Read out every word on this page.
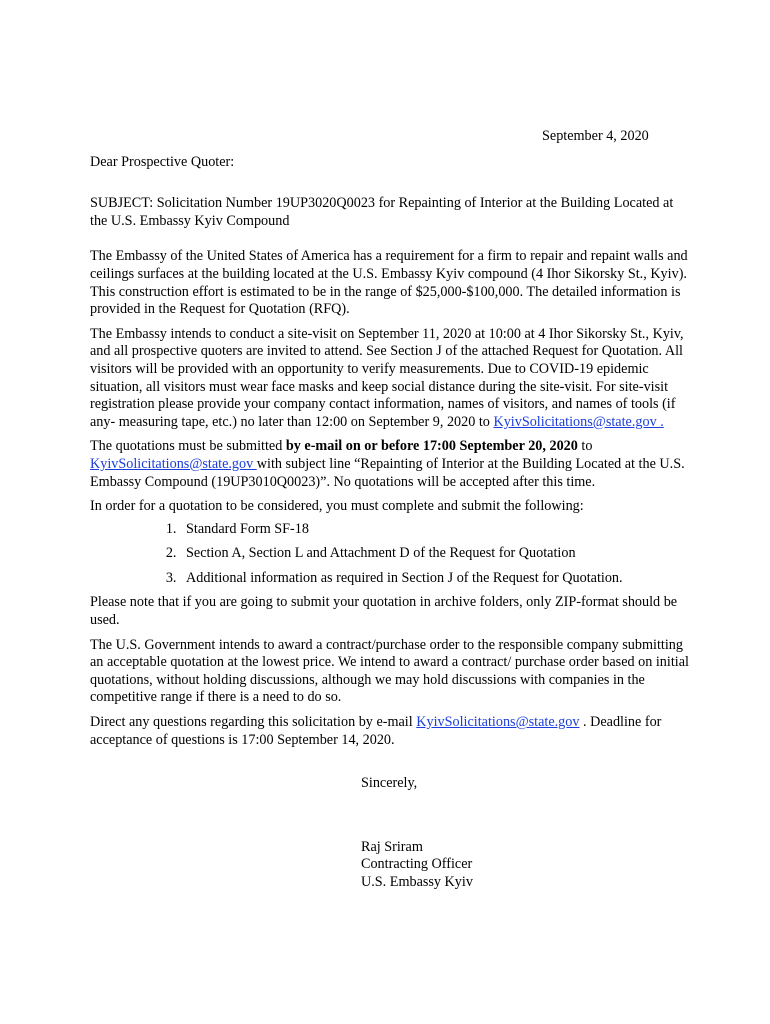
September 4, 2020

Dear Prospective Quoter:

SUBJECT: Solicitation Number 19UP3020Q0023 for Repainting of Interior at the Building Located at the U.S. Embassy Kyiv Compound

The Embassy of the United States of America has a requirement for a firm to repair and repaint walls and ceilings surfaces at the building located at the U.S. Embassy Kyiv compound (4 Ihor Sikorsky St., Kyiv). This construction effort is estimated to be in the range of $25,000-$100,000. The detailed information is provided in the Request for Quotation (RFQ).

The Embassy intends to conduct a site-visit on September 11, 2020 at 10:00 at 4 Ihor Sikorsky St., Kyiv, and all prospective quoters are invited to attend. See Section J of the attached Request for Quotation. All visitors will be provided with an opportunity to verify measurements. Due to COVID-19 epidemic situation, all visitors must wear face masks and keep social distance during the site-visit. For site-visit registration please provide your company contact information, names of visitors, and names of tools (if any- measuring tape, etc.) no later than 12:00 on September 9, 2020 to KyivSolicitations@state.gov .

The quotations must be submitted by e-mail on or before 17:00 September 20, 2020 to KyivSolicitations@state.gov with subject line “Repainting of Interior at the Building Located at the U.S. Embassy Compound (19UP3010Q0023)”. No quotations will be accepted after this time.

In order for a quotation to be considered, you must complete and submit the following:

1. Standard Form SF-18
2. Section A, Section L and Attachment D of the Request for Quotation
3. Additional information as required in Section J of the Request for Quotation.

Please note that if you are going to submit your quotation in archive folders, only ZIP-format should be used.

The U.S. Government intends to award a contract/purchase order to the responsible company submitting an acceptable quotation at the lowest price. We intend to award a contract/ purchase order based on initial quotations, without holding discussions, although we may hold discussions with companies in the competitive range if there is a need to do so.

Direct any questions regarding this solicitation by e-mail KyivSolicitations@state.gov . Deadline for acceptance of questions is 17:00 September 14, 2020.

Sincerely,
Raj Sriram
Contracting Officer
U.S. Embassy Kyiv
